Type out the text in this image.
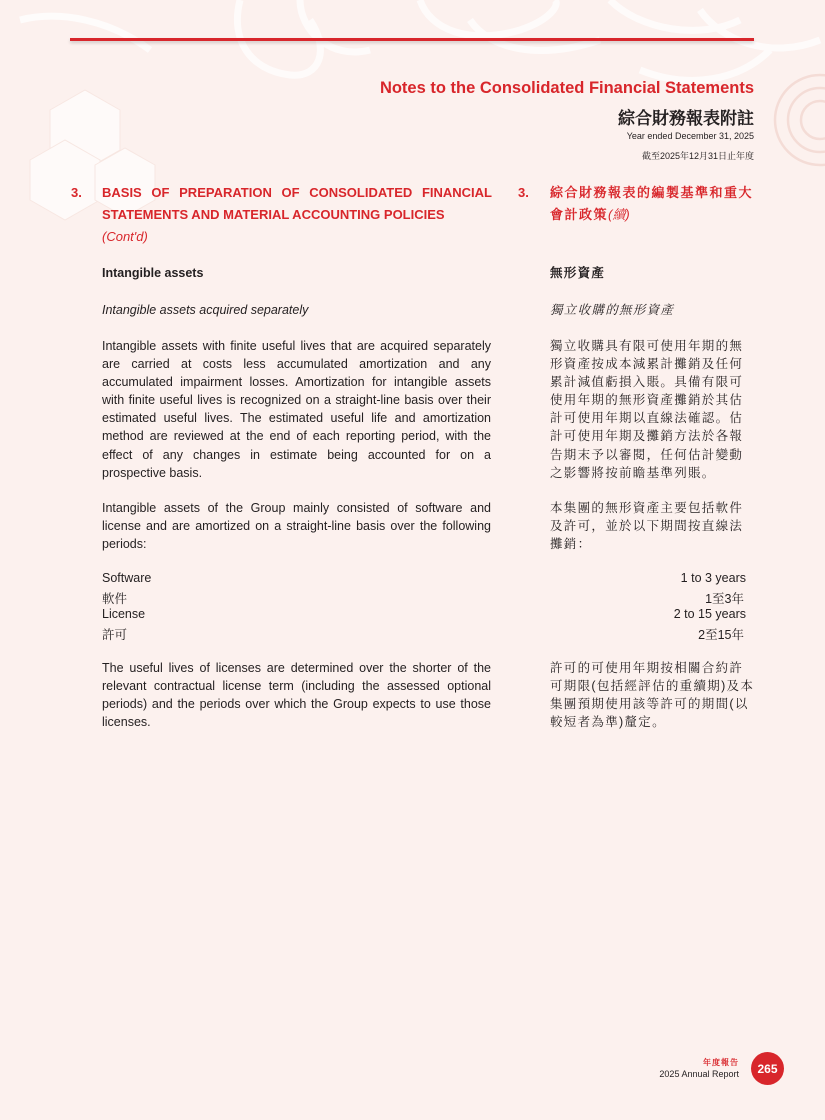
Notes to the Consolidated Financial Statements
綜合財務報表附註
Year ended December 31, 2025
截至2025年12月31日止年度
3. BASIS OF PREPARATION OF CONSOLIDATED FINANCIAL STATEMENTS AND MATERIAL ACCOUNTING POLICIES
(Cont'd)
3. 綜合財務報表的編製基準和重大會計政策(續)
Intangible assets	無形資產
Intangible assets acquired separately	獨立收購的無形資產
Intangible assets with finite useful lives that are acquired separately are carried at costs less accumulated amortization and any accumulated impairment losses. Amortization for intangible assets with finite useful lives is recognized on a straight-line basis over their estimated useful lives. The estimated useful life and amortization method are reviewed at the end of each reporting period, with the effect of any changes in estimate being accounted for on a prospective basis.
獨立收購具有限可使用年期的無形資產按成本減累計攤銷及任何累計減值虧損入賬。具備有限可使用年期的無形資產攤銷於其估計可使用年期以直線法確認。估計可使用年期及攤銷方法於各報告期末予以審閱，任何估計變動之影響將按前瞻基準列賬。
Intangible assets of the Group mainly consisted of software and license and are amortized on a straight-line basis over the following periods:
本集團的無形資產主要包括軟件及許可，並於以下期間按直線法攤銷：
Software	1 to 3 years
軟件	1至3年
License	2 to 15 years
許可	2至15年
The useful lives of licenses are determined over the shorter of the relevant contractual license term (including the assessed optional periods) and the periods over which the Group expects to use those licenses.
許可的可使用年期按相關合約許可期限(包括經評估的重續期)及本集團預期使用該等許可的期間(以較短者為準)釐定。
年度報告
2025 Annual Report	265
